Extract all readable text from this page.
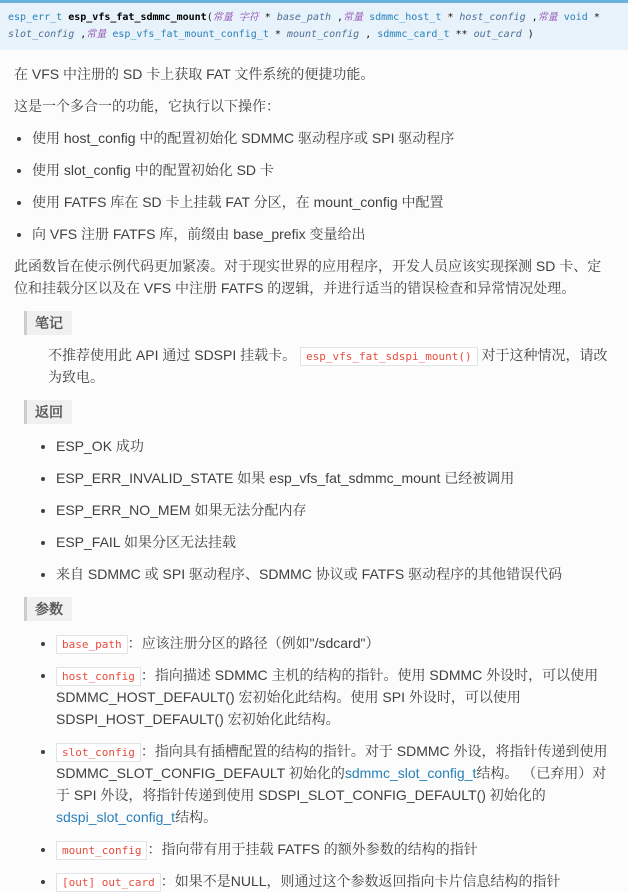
esp_err_t esp_vfs_fat_sdmmc_mount(常量 字符 * base_path ,常量 sdmmc_host_t * host_config ,常量 void * slot_config ,常量 esp_vfs_fat_mount_config_t * mount_config , sdmmc_card_t ** out_card )

在 VFS 中注册的 SD 卡上获取 FAT 文件系统的便捷功能。

这是一个多合一的功能，它执行以下操作：

• 使用 host_config 中的配置初始化 SDMMC 驱动程序或 SPI 驱动程序
• 使用 slot_config 中的配置初始化 SD 卡
• 使用 FATFS 库在 SD 卡上挂载 FAT 分区，在 mount_config 中配置
• 向 VFS 注册 FATFS 库，前缀由 base_prefix 变量给出

此函数旨在使示例代码更加紧凑。对于现实世界的应用程序，开发人员应该实现探测 SD 卡、定位和挂载分区以及在 VFS 中注册 FATFS 的逻辑，并进行适当的错误检查和异常情况处理。

笔记
不推荐使用此 API 通过 SDSPI 挂载卡。 esp_vfs_fat_sdspi_mount() 对于这种情况，请改为致电。
返回
• ESP_OK 成功
• ESP_ERR_INVALID_STATE 如果 esp_vfs_fat_sdmmc_mount 已经被调用
• ESP_ERR_NO_MEM 如果无法分配内存
• ESP_FAIL 如果分区无法挂载
• 来自 SDMMC 或 SPI 驱动程序、SDMMC 协议或 FATFS 驱动程序的其他错误代码
参数
• base_path ：应该注册分区的路径（例如"/sdcard"）
• host_config ：指向描述 SDMMC 主机的结构的指针。使用 SDMMC 外设时，可以使用 SDMMC_HOST_DEFAULT() 宏初始化此结构。使用 SPI 外设时，可以使用 SDSPI_HOST_DEFAULT() 宏初始化此结构。
• slot_config ：指向具有插槽配置的结构的指针。对于 SDMMC 外设，将指针传递到使用 SDMMC_SLOT_CONFIG_DEFAULT 初始化的sdmmc_slot_config_t结构。 （已弃用）对于 SPI 外设，将指针传递到使用 SDSPI_SLOT_CONFIG_DEFAULT() 初始化的sdspi_slot_config_t结构。
• mount_config ：指向带有用于挂载 FATFS 的额外参数的结构的指针
• [out] out_card ：如果不是NULL，则通过这个参数返回指向卡片信息结构的指针
